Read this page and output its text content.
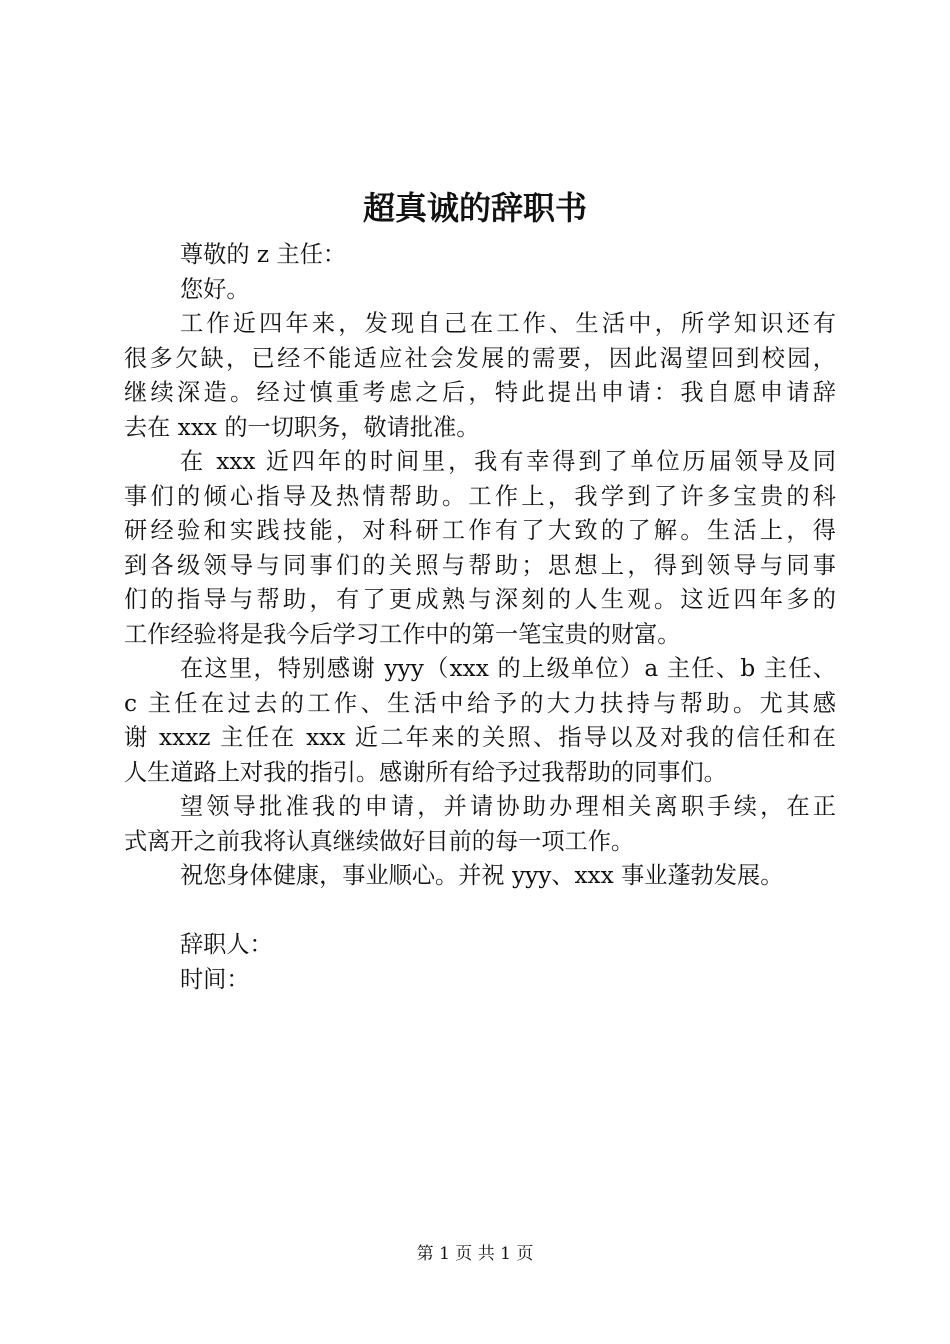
超真诚的辞职书
尊敬的 z 主任：
您好。
工作近四年来，发现自己在工作、生活中，所学知识还有
很多欠缺，已经不能适应社会发展的需要，因此渴望回到校园，
继续深造。经过慎重考虑之后，特此提出申请：我自愿申请辞
去在 xxx 的一切职务，敬请批准。
在 xxx 近四年的时间里，我有幸得到了单位历届领导及同
事们的倾心指导及热情帮助。工作上，我学到了许多宝贵的科
研经验和实践技能，对科研工作有了大致的了解。生活上，得
到各级领导与同事们的关照与帮助；思想上，得到领导与同事
们的指导与帮助，有了更成熟与深刻的人生观。这近四年多的
工作经验将是我今后学习工作中的第一笔宝贵的财富。
在这里，特别感谢 yyy（xxx 的上级单位）a 主任、b 主任、
c 主任在过去的工作、生活中给予的大力扶持与帮助。尤其感
谢 xxxz 主任在 xxx 近二年来的关照、指导以及对我的信任和在
人生道路上对我的指引。感谢所有给予过我帮助的同事们。
望领导批准我的申请，并请协助办理相关离职手续，在正
式离开之前我将认真继续做好目前的每一项工作。
祝您身体健康，事业顺心。并祝 yyy、xxx 事业蓬勃发展。
辞职人：
时间：
第 1 页 共 1 页
